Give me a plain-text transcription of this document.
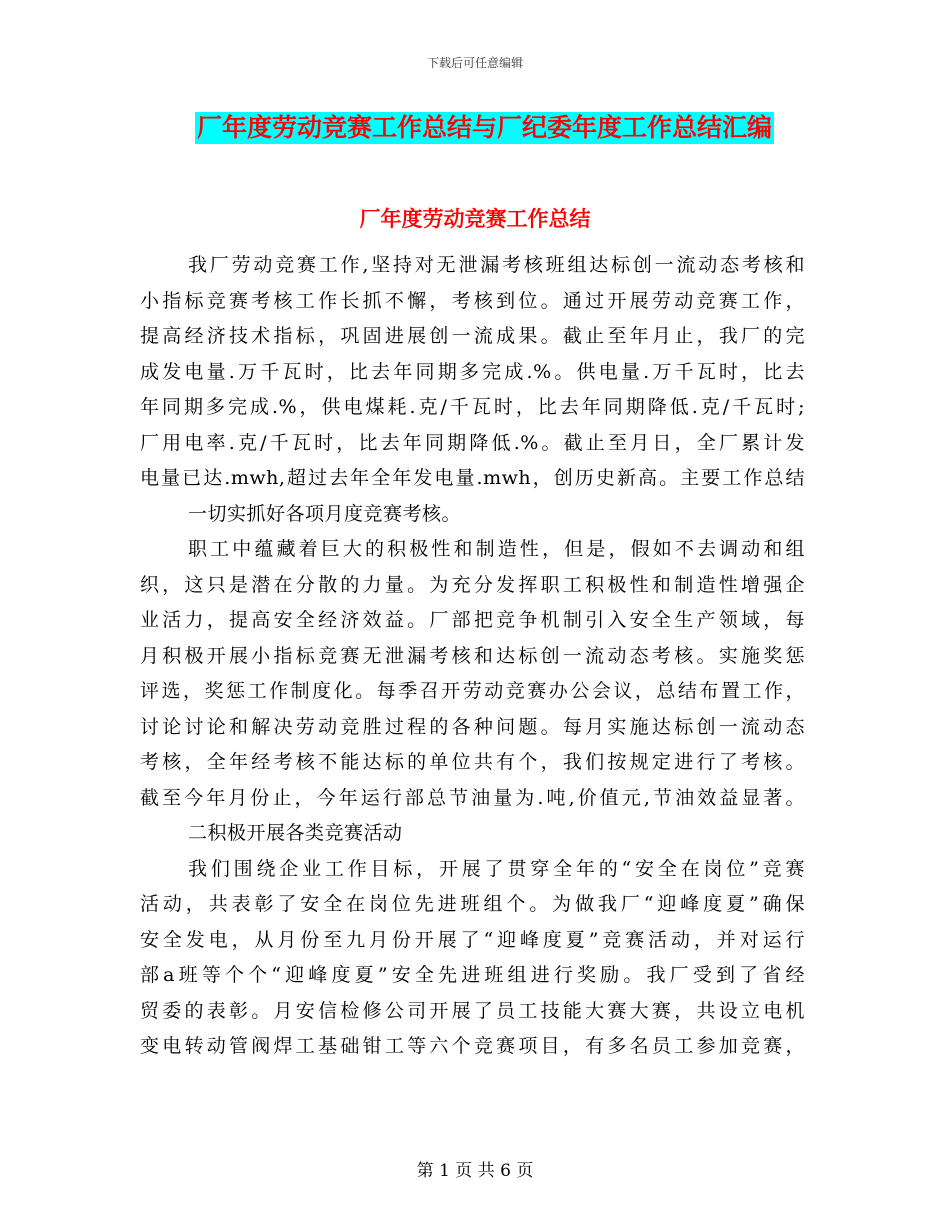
下载后可任意编辑
厂年度劳动竞赛工作总结与厂纪委年度工作总结汇编
厂年度劳动竞赛工作总结
我厂劳动竞赛工作,坚持对无泄漏考核班组达标创一流动态考核和
小指标竞赛考核工作长抓不懈，考核到位。通过开展劳动竞赛工作，
提高经济技术指标，巩固进展创一流成果。截止至年月止，我厂的完
成发电量.万千瓦时，比去年同期多完成.%。供电量.万千瓦时，比去
年同期多完成.%，供电煤耗.克/千瓦时，比去年同期降低.克/千瓦时;
厂用电率.克/千瓦时，比去年同期降低.%。截止至月日，全厂累计发
电量已达.mwh,超过去年全年发电量.mwh，创历史新高。主要工作总结
一切实抓好各项月度竞赛考核。
职工中蕴藏着巨大的积极性和制造性，但是，假如不去调动和组
织，这只是潜在分散的力量。为充分发挥职工积极性和制造性增强企
业活力，提高安全经济效益。厂部把竞争机制引入安全生产领域，每
月积极开展小指标竞赛无泄漏考核和达标创一流动态考核。实施奖惩
评选，奖惩工作制度化。每季召开劳动竞赛办公会议，总结布置工作，
讨论讨论和解决劳动竞胜过程的各种问题。每月实施达标创一流动态
考核，全年经考核不能达标的单位共有个，我们按规定进行了考核。
截至今年月份止，今年运行部总节油量为.吨,价值元,节油效益显著。
二积极开展各类竞赛活动
我们围绕企业工作目标，开展了贯穿全年的“安全在岗位”竞赛
活动，共表彰了安全在岗位先进班组个。为做我厂“迎峰度夏”确保
安全发电，从月份至九月份开展了“迎峰度夏”竞赛活动，并对运行
部a班等个个“迎峰度夏”安全先进班组进行奖励。我厂受到了省经
贸委的表彰。月安信检修公司开展了员工技能大赛大赛，共设立电机
变电转动管阀焊工基础钳工等六个竞赛项目，有多名员工参加竞赛，
第 1 页 共 6 页
